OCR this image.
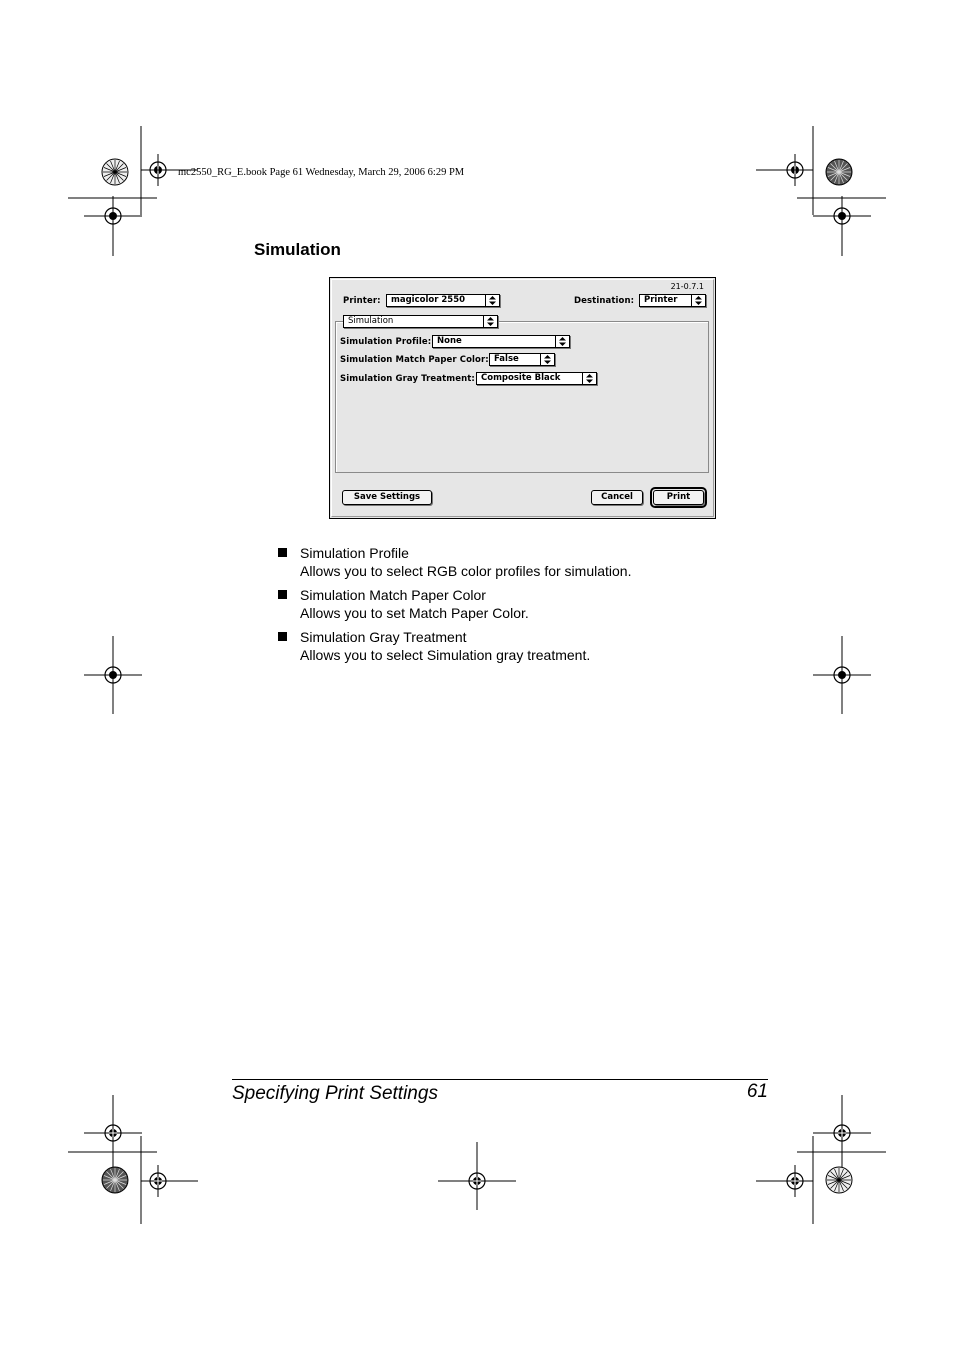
mc2550_RG_E.book Page 61 Wednesday, March 29, 2006 6:29 PM
Simulation
21-0.7.1
Printer:	magicolor 2550	Destination:	Printer
Simulation
Simulation Profile: None
Simulation Match Paper Color: False
Simulation Gray Treatment: Composite Black
Save Settings	Cancel	Print
Simulation Profile
Allows you to select RGB color profiles for simulation.
Simulation Match Paper Color
Allows you to set Match Paper Color.
Simulation Gray Treatment
Allows you to select Simulation gray treatment.
Specifying Print Settings	61
